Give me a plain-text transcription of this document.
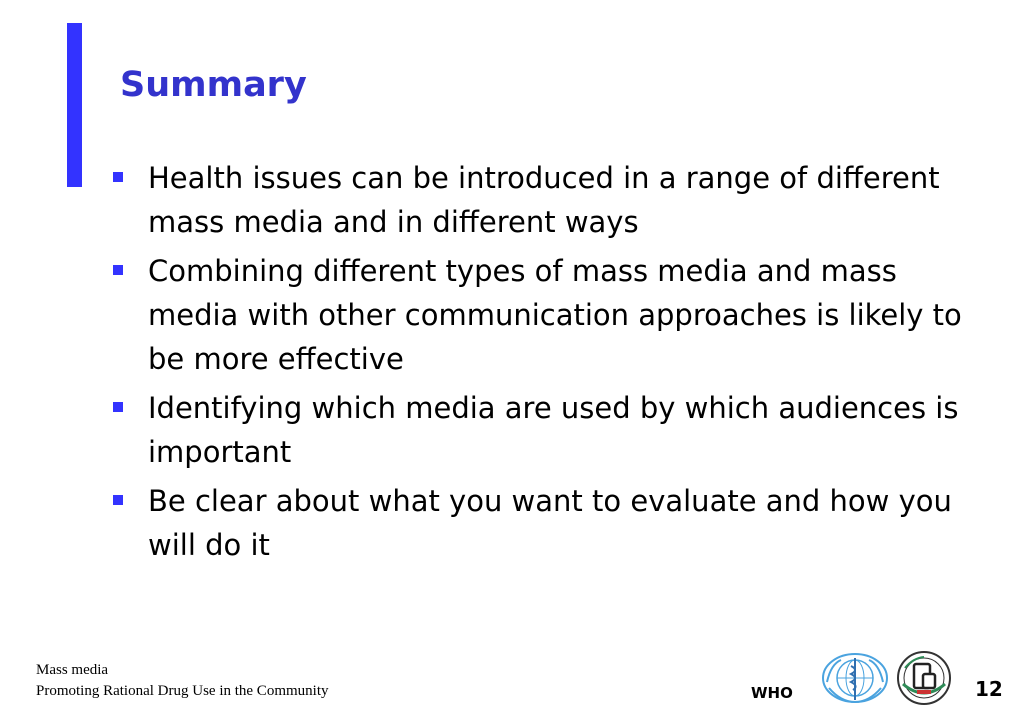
Summary
Health issues can be introduced in a range of different mass media and in different ways
Combining different types of mass media and mass media with other communication approaches is likely to be more effective
Identifying which media are used by which audiences is important
Be clear about what you want to evaluate and how you will do it
Mass media
Promoting Rational Drug Use in the Community	WHO	12
